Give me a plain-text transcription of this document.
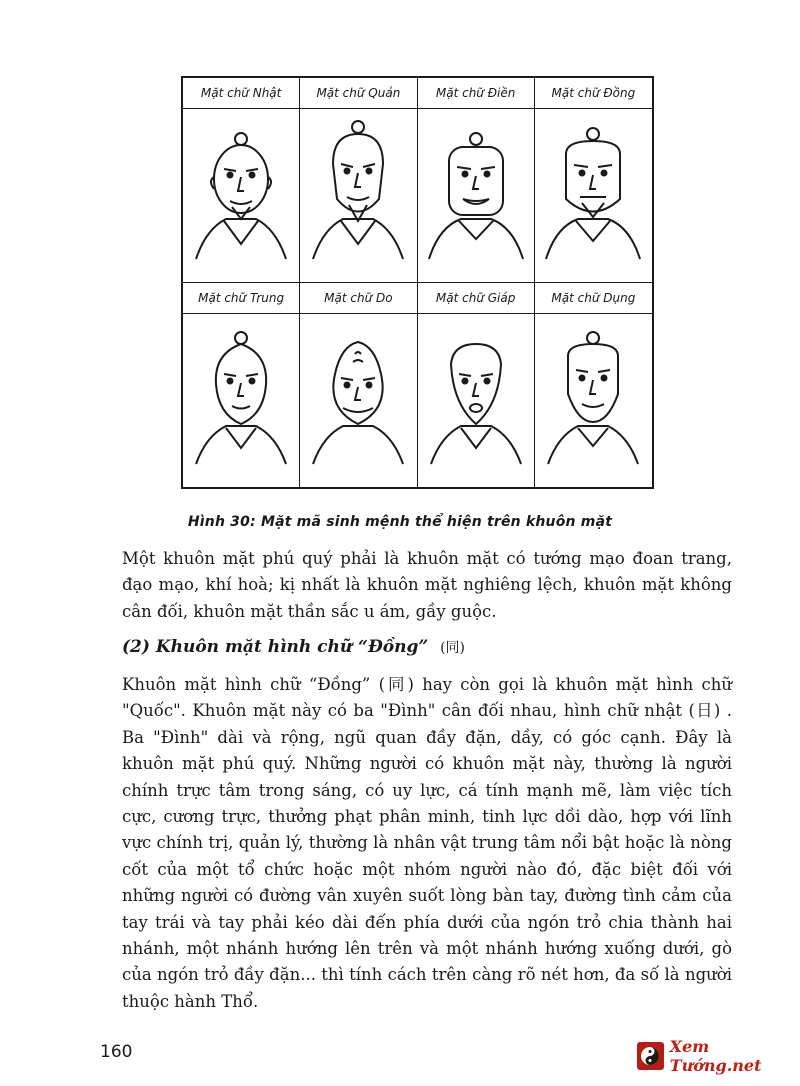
Mặt chữ Nhật	Mặt chữ Quản	Mặt chữ Điền	Mặt chữ Đồng
Mặt chữ Trung	Mặt chữ Do	Mặt chữ Giáp	Mặt chữ Dụng
Hình 30: Mặt mã sinh mệnh thể hiện trên khuôn mặt

Một khuôn mặt phú quý phải là khuôn mặt có tướng mạo đoan trang, đạo mạo, khí hoà; kị nhất là khuôn mặt nghiêng lệch, khuôn mặt không cân đối, khuôn mặt thần sắc u ám, gầy guộc.

(2) Khuôn mặt hình chữ “Đồng” (同)

Khuôn mặt hình chữ “Đồng” (同) hay còn gọi là khuôn mặt hình chữ "Quốc". Khuôn mặt này có ba "Đình" cân đối nhau, hình chữ nhật (日) . Ba "Đình" dài và rộng, ngũ quan đầy đặn, dầy, có góc cạnh. Đây là khuôn mặt phú quý. Những người có khuôn mặt này, thường là người chính trực tâm trong sáng, có uy lực, cá tính mạnh mẽ, làm việc tích cực, cương trực, thưởng phạt phân minh, tinh lực dồi dào, hợp với lĩnh vực chính trị, quản lý, thường là nhân vật trung tâm nổi bật hoặc là nòng cốt của một tổ chức hoặc một nhóm người nào đó, đặc biệt đối với những người có đường vân xuyên suốt lòng bàn tay, đường tình cảm của tay trái và tay phải kéo dài đến phía dưới của ngón trỏ chia thành hai nhánh, một nhánh hướng lên trên và một nhánh hướng xuống dưới, gò của ngón trỏ đầy đặn... thì tính cách trên càng rõ nét hơn, đa số là người thuộc hành Thổ.

160	Xem Tướng.net
